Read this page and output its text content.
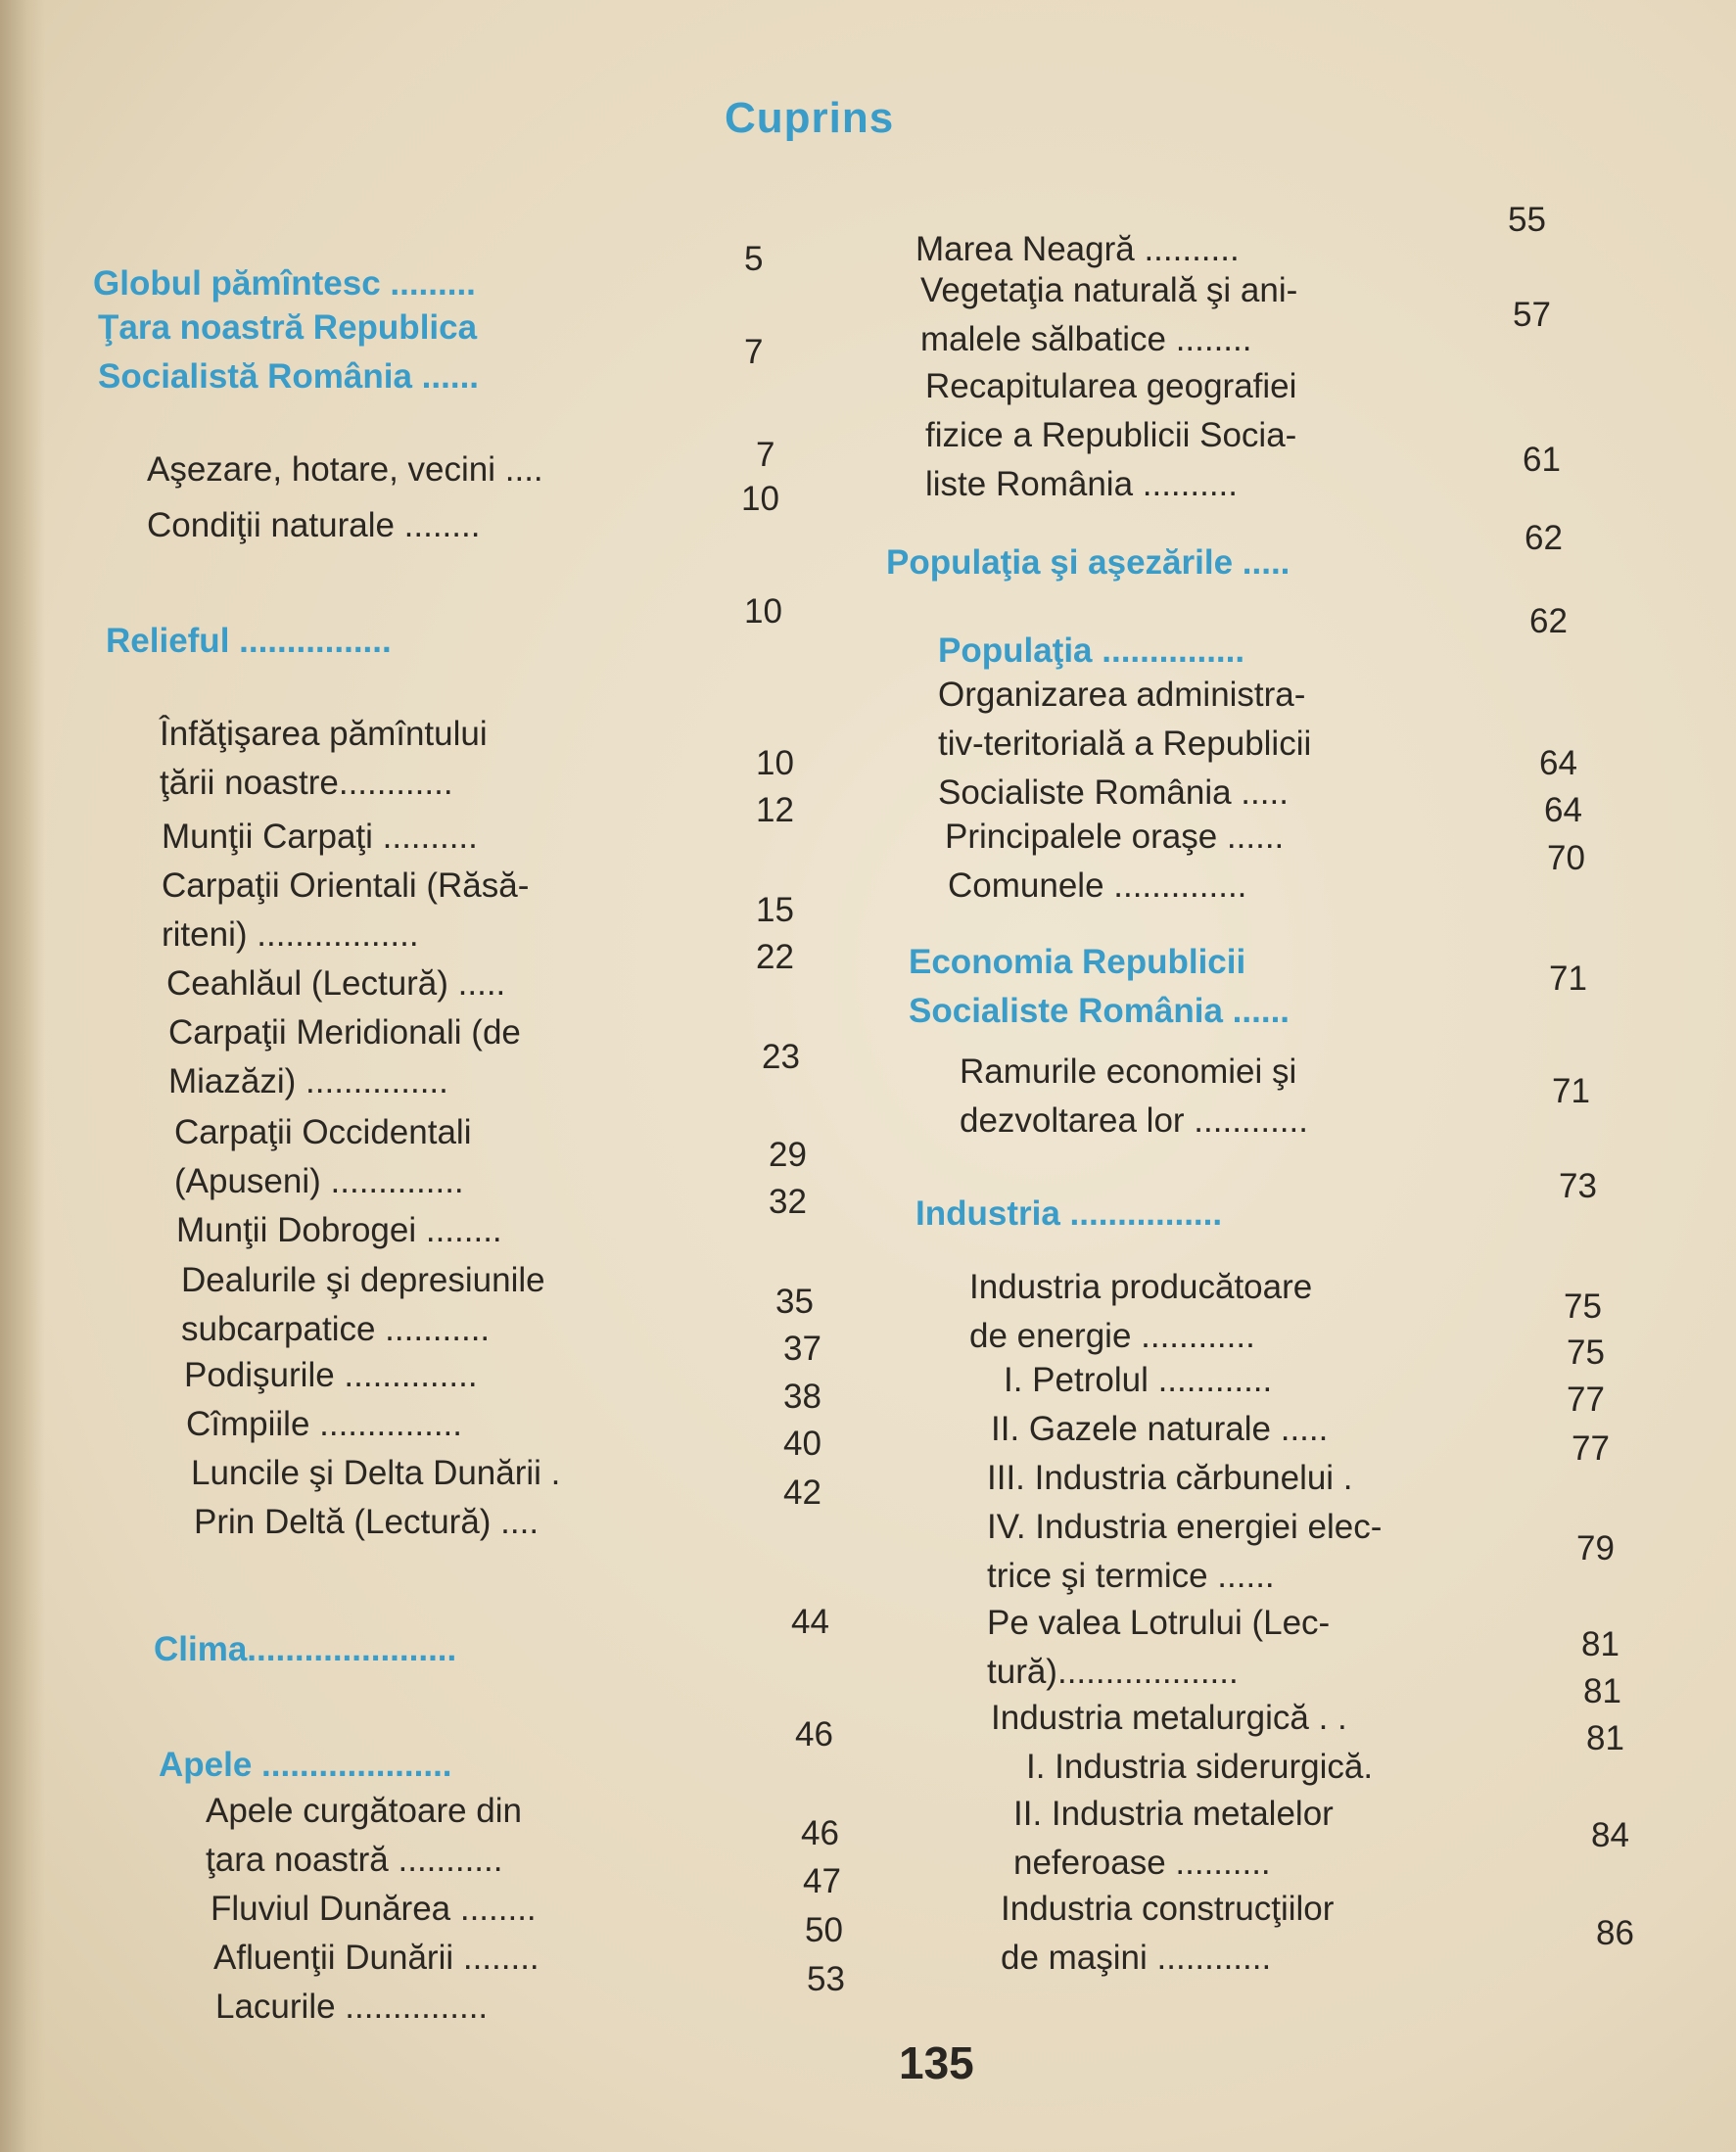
Cuprins
Globul pămîntesc .........
5
Ţara noastră Republica
Socialistă România ......
7
Aşezare, hotare, vecini ....	7
Condiţii naturale ........
10
Relieful ................
10
Înfăţişarea pămîntului
ţării noastre............
10
Munţii Carpaţi ..........
12
Carpaţii Orientali (Răsă-
riteni) .................
15
Ceahlăul (Lectură) .....
22
Carpaţii Meridionali (de
Miazăzi) ...............
23
Carpaţii Occidentali
(Apuseni) ..............
29
Munţii Dobrogei ........
32
Dealurile şi depresiunile
subcarpatice ...........
35
Podişurile ..............
37
Cîmpiile ...............
38
Luncile şi Delta Dunării .
40
Prin Deltă (Lectură) ....
42
Clima......................
44
Apele ....................
46
Apele curgătoare din
ţara noastră ...........
46
Fluviul Dunărea ........
47
Afluenţii Dunării ........
50
Lacurile ...............
53
Marea Neagră ..........
55
Vegetaţia naturală şi ani-
malele sălbatice ........
57
Recapitularea geografiei
fizice a Republicii Socia-
liste România ..........
61
Populaţia şi aşezările .....
62
Populaţia ...............
62
Organizarea administra-
tiv-teritorială a Republicii
Socialiste România .....
64
Principalele oraşe ......
64
Comunele ..............
70
Economia Republicii
Socialiste România ......
71
Ramurile economiei şi
dezvoltarea lor ............
71
Industria ................
73
Industria producătoare
de energie ............
75
I. Petrolul ............
75
II. Gazele naturale .....
77
III. Industria cărbunelui .
77
IV. Industria energiei elec-
trice şi termice ......
79
Pe valea Lotrului (Lec-
tură)...................
81
Industria metalurgică . .
81
I. Industria siderurgică.
81
II. Industria metalelor
neferoase ..........
84
Industria construcţiilor
de maşini ............
86
135
